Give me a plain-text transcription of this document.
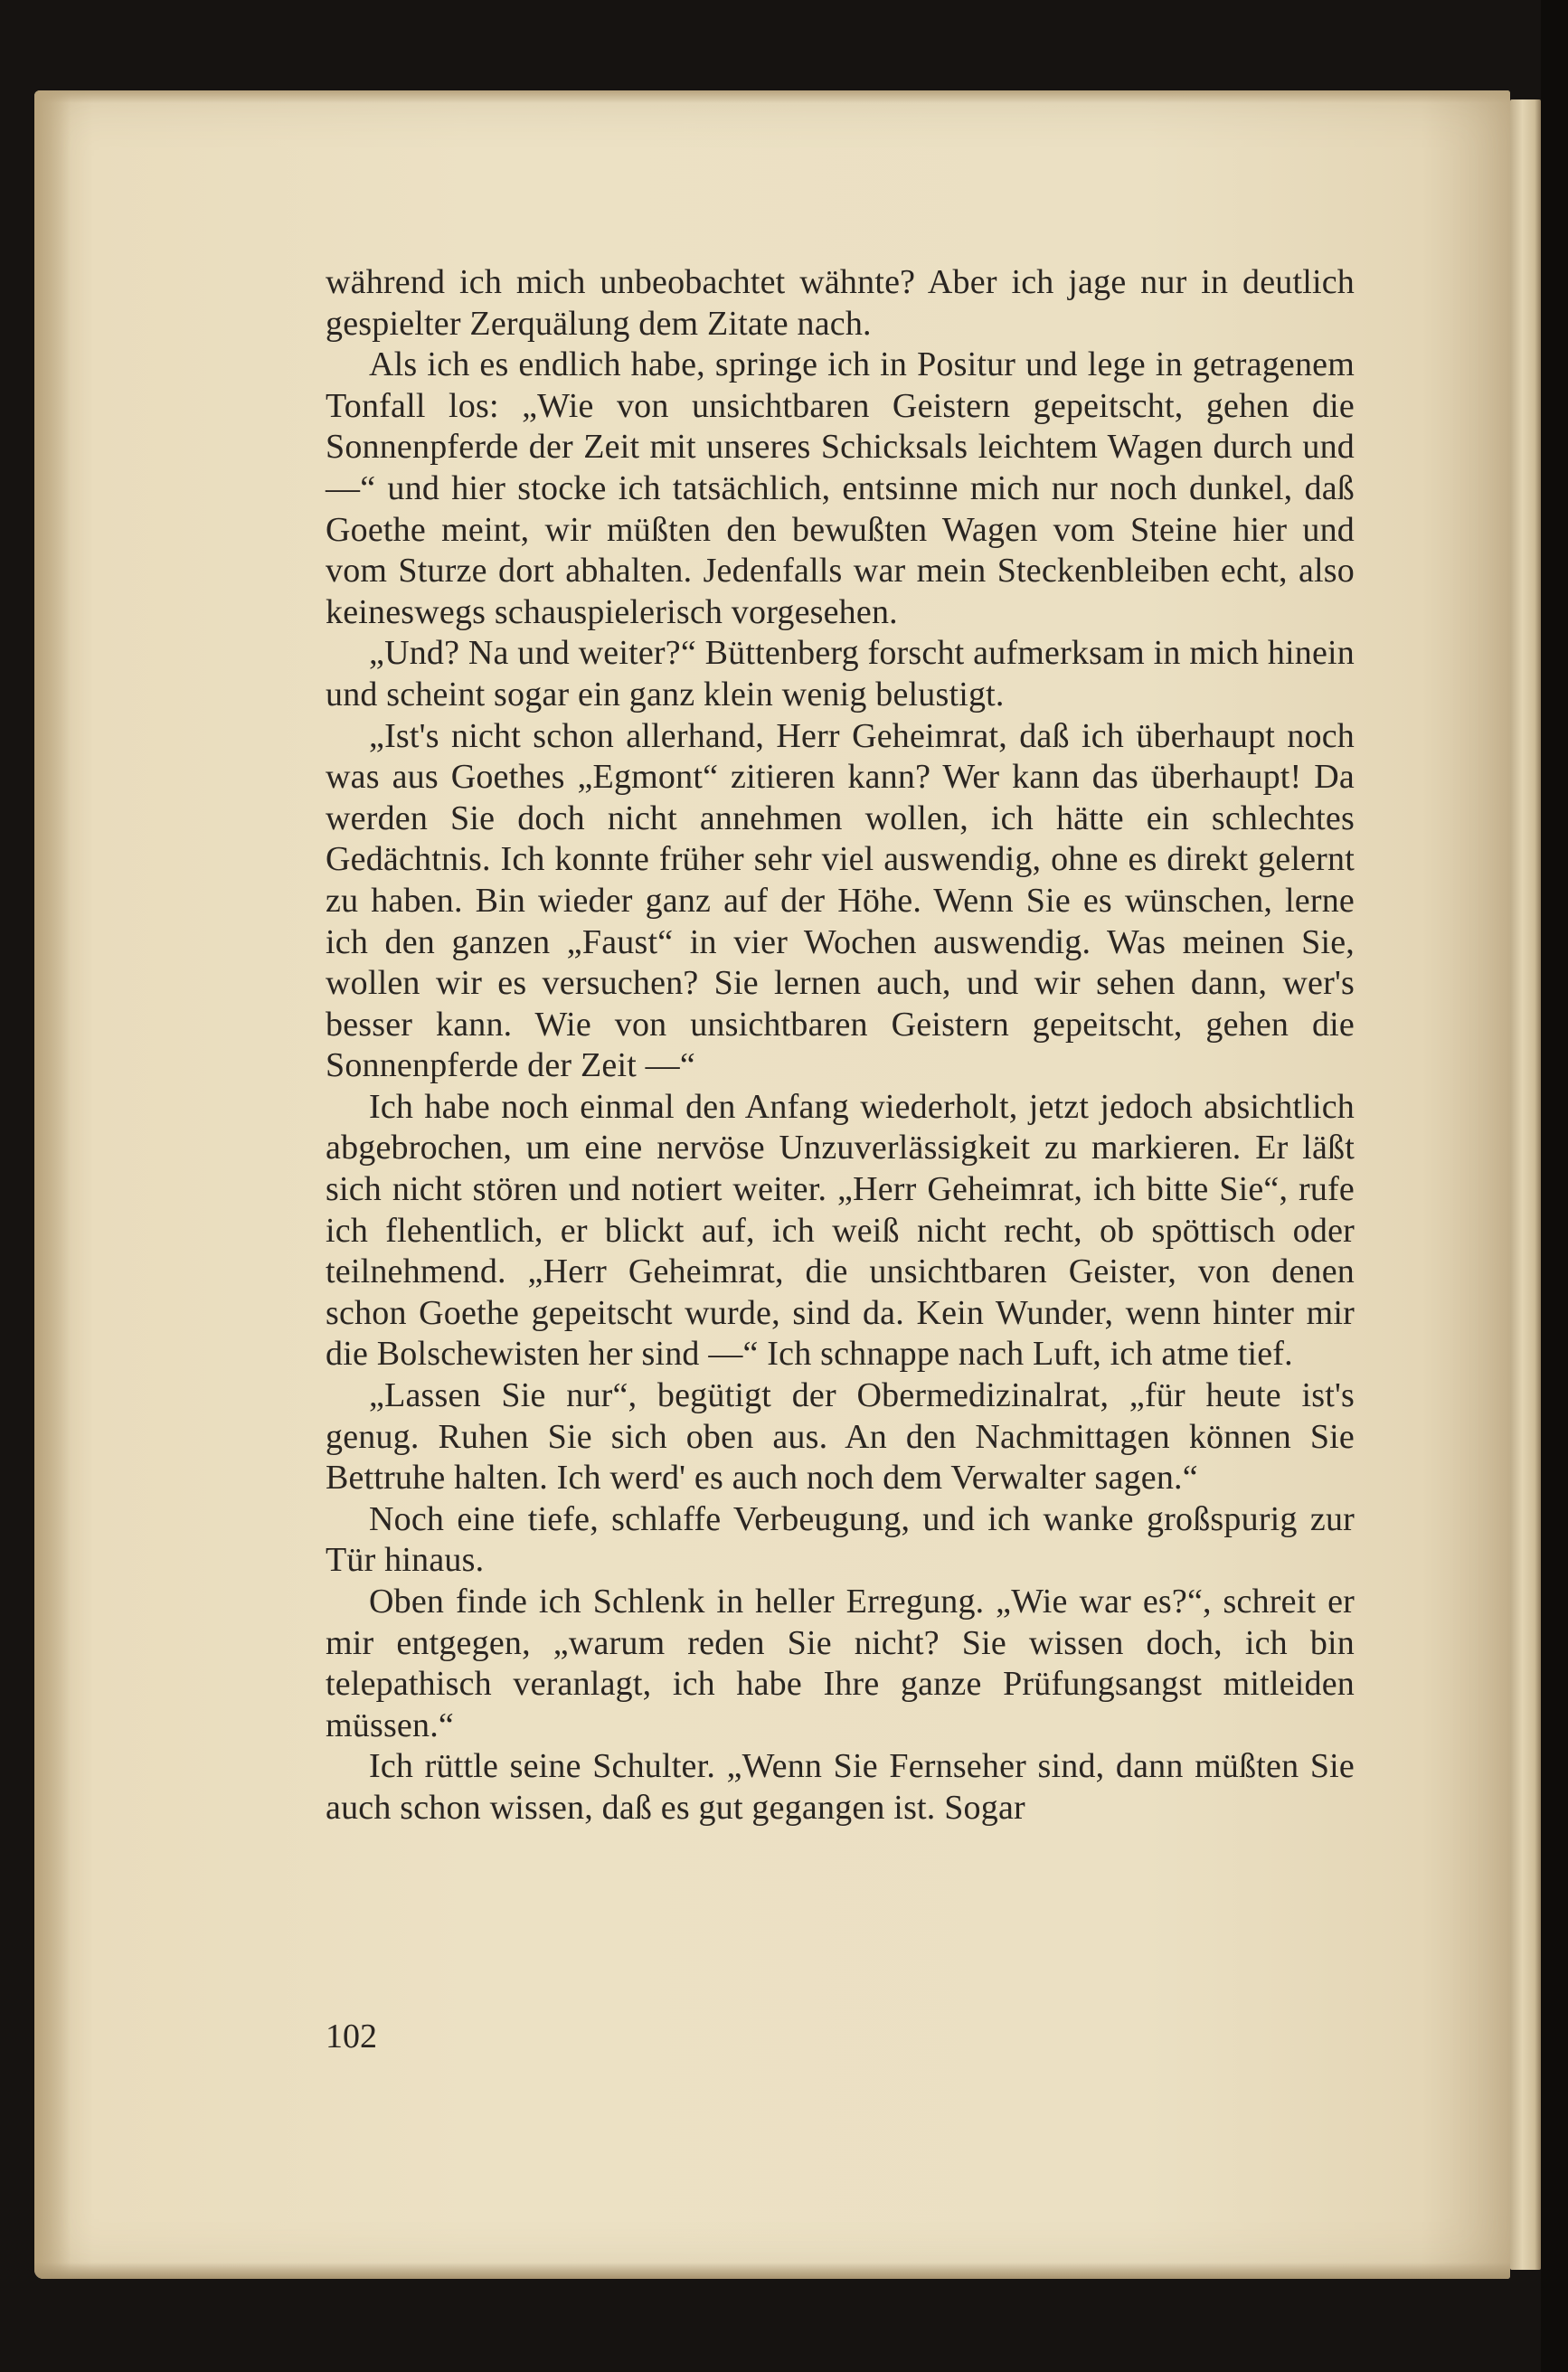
während ich mich unbeobachtet wähnte? Aber ich jage nur in deutlich gespielter Zerquälung dem Zitate nach.

Als ich es endlich habe, springe ich in Positur und lege in getragenem Tonfall los: „Wie von unsichtbaren Geistern gepeitscht, gehen die Sonnenpferde der Zeit mit unseres Schicksals leichtem Wagen durch und —“ und hier stocke ich tatsächlich, entsinne mich nur noch dunkel, daß Goethe meint, wir müßten den bewußten Wagen vom Steine hier und vom Sturze dort abhalten. Jedenfalls war mein Steckenbleiben echt, also keineswegs schauspielerisch vorgesehen.

„Und? Na und weiter?“ Büttenberg forscht aufmerksam in mich hinein und scheint sogar ein ganz klein wenig belustigt.

„Ist's nicht schon allerhand, Herr Geheimrat, daß ich überhaupt noch was aus Goethes „Egmont“ zitieren kann? Wer kann das überhaupt! Da werden Sie doch nicht annehmen wollen, ich hätte ein schlechtes Gedächtnis. Ich konnte früher sehr viel auswendig, ohne es direkt gelernt zu haben. Bin wieder ganz auf der Höhe. Wenn Sie es wünschen, lerne ich den ganzen „Faust“ in vier Wochen auswendig. Was meinen Sie, wollen wir es versuchen? Sie lernen auch, und wir sehen dann, wer's besser kann. Wie von unsichtbaren Geistern gepeitscht, gehen die Sonnenpferde der Zeit —“

Ich habe noch einmal den Anfang wiederholt, jetzt jedoch absichtlich abgebrochen, um eine nervöse Unzuverlässigkeit zu markieren. Er läßt sich nicht stören und notiert weiter. „Herr Geheimrat, ich bitte Sie“, rufe ich flehentlich, er blickt auf, ich weiß nicht recht, ob spöttisch oder teilnehmend. „Herr Geheimrat, die unsichtbaren Geister, von denen schon Goethe gepeitscht wurde, sind da. Kein Wunder, wenn hinter mir die Bolschewisten her sind —“ Ich schnappe nach Luft, ich atme tief.

„Lassen Sie nur“, begütigt der Obermedizinalrat, „für heute ist's genug. Ruhen Sie sich oben aus. An den Nachmittagen können Sie Bettruhe halten. Ich werd' es auch noch dem Verwalter sagen.“

Noch eine tiefe, schlaffe Verbeugung, und ich wanke großspurig zur Tür hinaus.

Oben finde ich Schlenk in heller Erregung. „Wie war es?“, schreit er mir entgegen, „warum reden Sie nicht? Sie wissen doch, ich bin telepathisch veranlagt, ich habe Ihre ganze Prüfungsangst mitleiden müssen.“

Ich rüttle seine Schulter. „Wenn Sie Fernseher sind, dann müßten Sie auch schon wissen, daß es gut gegangen ist. Sogar

102
